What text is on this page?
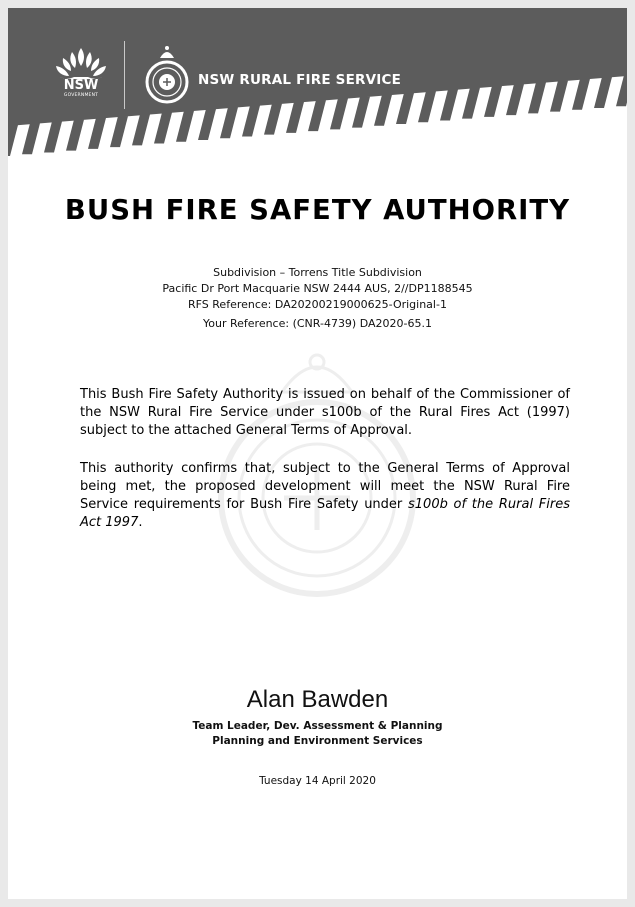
NSW
GOVERNMENT
NSW RURAL FIRE SERVICE
BUSH FIRE SAFETY AUTHORITY
Subdivision – Torrens Title Subdivision
Pacific Dr Port Macquarie NSW 2444 AUS, 2//DP1188545
RFS Reference: DA20200219000625-Original-1
Your Reference: (CNR-4739) DA2020-65.1
This Bush Fire Safety Authority is issued on behalf of the Commissioner of the NSW Rural Fire Service under s100b of the Rural Fires Act (1997) subject to the attached General Terms of Approval.
This authority confirms that, subject to the General Terms of Approval being met, the proposed development will meet the NSW Rural Fire Service requirements for Bush Fire Safety under s100b of the Rural Fires Act 1997.
Alan Bawden
Team Leader, Dev. Assessment & Planning
Planning and Environment Services
Tuesday 14 April 2020
